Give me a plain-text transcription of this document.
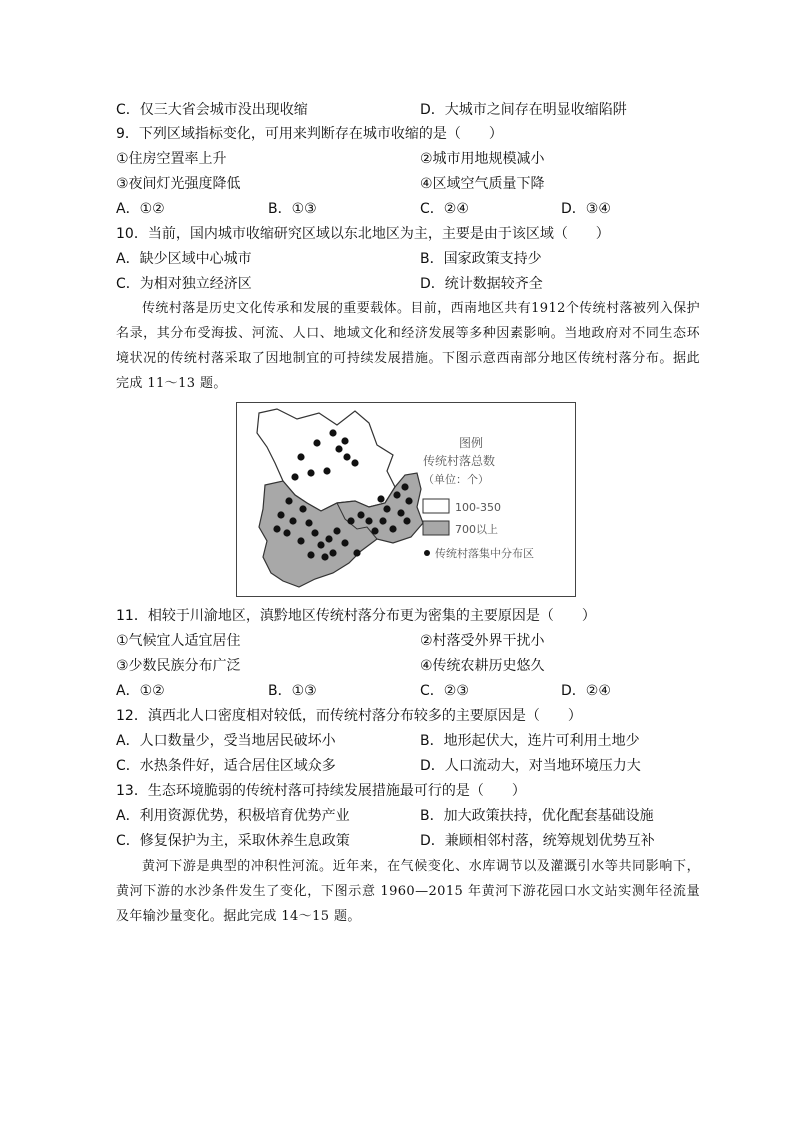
C．仅三大省会城市没出现收缩	D．大城市之间存在明显收缩陷阱
9．下列区域指标变化，可用来判断存在城市收缩的是（　　）
①住房空置率上升	②城市用地规模减小
③夜间灯光强度降低	④区域空气质量下降
A．①②	B．①③	C．②④	D．③④
10．当前，国内城市收缩研究区域以东北地区为主，主要是由于该区域（　　）
A．缺少区域中心城市	B．国家政策支持少
C．为相对独立经济区	D．统计数据较齐全
传统村落是历史文化传承和发展的重要载体。目前，西南地区共有1912个传统村落被列入保护名录，其分布受海拔、河流、人口、地域文化和经济发展等多种因素影响。当地政府对不同生态环境状况的传统村落采取了因地制宜的可持续发展措施。下图示意西南部分地区传统村落分布。据此完成 11～13 题。
图例
传统村落总数
（单位：个）
100-350
700以上
传统村落集中分布区
11．相较于川渝地区，滇黔地区传统村落分布更为密集的主要原因是（　　）
①气候宜人适宜居住	②村落受外界干扰小
③少数民族分布广泛	④传统农耕历史悠久
A．①②	B．①③	C．②③	D．②④
12．滇西北人口密度相对较低，而传统村落分布较多的主要原因是（　　）
A．人口数量少，受当地居民破坏小	B．地形起伏大，连片可利用土地少
C．水热条件好，适合居住区域众多	D．人口流动大，对当地环境压力大
13．生态环境脆弱的传统村落可持续发展措施最可行的是（　　）
A．利用资源优势，积极培育优势产业	B．加大政策扶持，优化配套基础设施
C．修复保护为主，采取休养生息政策	D．兼顾相邻村落，统筹规划优势互补
黄河下游是典型的冲积性河流。近年来，在气候变化、水库调节以及灌溉引水等共同影响下，黄河下游的水沙条件发生了变化，下图示意 1960—2015 年黄河下游花园口水文站实测年径流量及年输沙量变化。据此完成 14～15 题。
